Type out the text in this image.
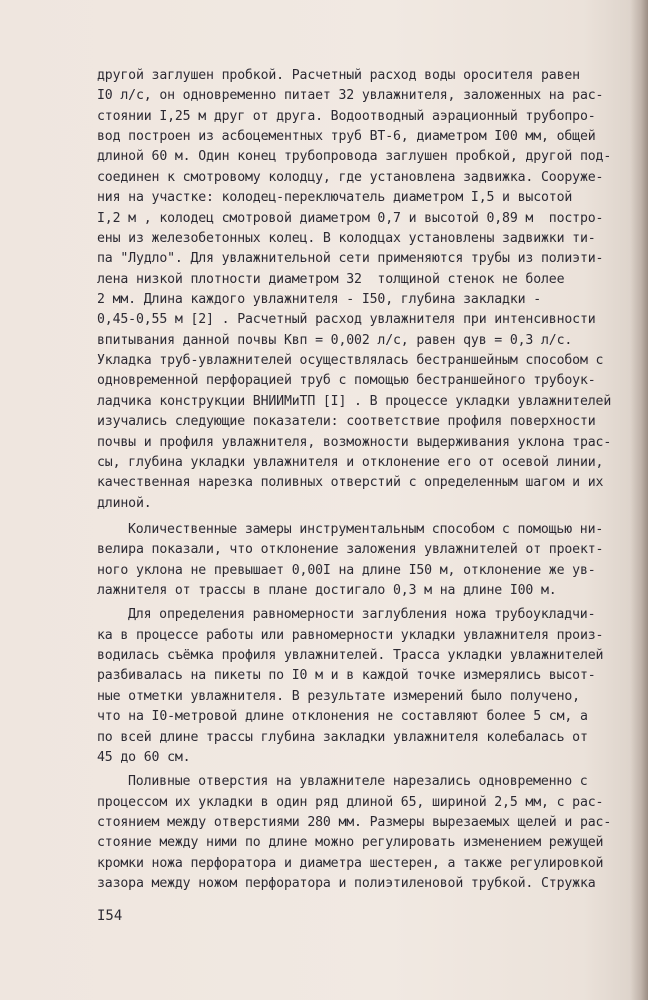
другой заглушен пробкой. Расчетный расход воды оросителя равен
I0 л/с, он одновременно питает 32 увлажнителя, заложенных на рас-
стоянии I,25 м друг от друга. Водоотводный аэрационный трубопро-
вод построен из асбоцементных труб ВТ-6, диаметром I00 мм, общей
длиной 60 м. Один конец трубопровода заглушен пробкой, другой под-
соединен к смотровому колодцу, где установлена задвижка. Сооруже-
ния на участке: колодец-переключатель диаметром I,5 и высотой
I,2 м , колодец смотровой диаметром 0,7 и высотой 0,89 м  постро-
ены из железобетонных колец. В колодцах установлены задвижки ти-
па "Лудло". Для увлажнительной сети применяются трубы из полиэти-
лена низкой плотности диаметром 32  толщиной стенок не более
2 мм. Длина каждого увлажнителя - I50, глубина закладки -
0,45-0,55 м [2] . Расчетный расход увлажнителя при интенсивности
впитывания данной почвы Kвп = 0,002 л/с, равен qув = 0,3 л/с.
Укладка труб-увлажнителей осуществлялась бестраншейным способом с
одновременной перфорацией труб с помощью бестраншейного трубоук-
ладчика конструкции ВНИИМиТП [I] . В процессе укладки увлажнителей
изучались следующие показатели: соответствие профиля поверхности
почвы и профиля увлажнителя, возможности выдерживания уклона трас-
сы, глубина укладки увлажнителя и отклонение его от осевой линии,
качественная нарезка поливных отверстий с определенным шагом и их
длиной.
Количественные замеры инструментальным способом с помощью ни-
велира показали, что отклонение заложения увлажнителей от проект-
ного уклона не превышает 0,00I на длине I50 м, отклонение же ув-
лажнителя от трассы в плане достигало 0,3 м на длине I00 м.
Для определения равномерности заглубления ножа трубоукладчи-
ка в процессе работы или равномерности укладки увлажнителя произ-
водилась съёмка профиля увлажнителей. Трасса укладки увлажнителей
разбивалась на пикеты по I0 м и в каждой точке измерялись высот-
ные отметки увлажнителя. В результате измерений было получено,
что на I0-метровой длине отклонения не составляют более 5 см, а
по всей длине трассы глубина закладки увлажнителя колебалась от
45 до 60 см.
Поливные отверстия на увлажнителе нарезались одновременно с
процессом их укладки в один ряд длиной 65, шириной 2,5 мм, с рас-
стоянием между отверстиями 280 мм. Размеры вырезаемых щелей и рас-
стояние между ними по длине можно регулировать изменением режущей
кромки ножа перфоратора и диаметра шестерен, а также регулировкой
зазора между ножом перфоратора и полиэтиленовой трубкой. Стружка
I54
